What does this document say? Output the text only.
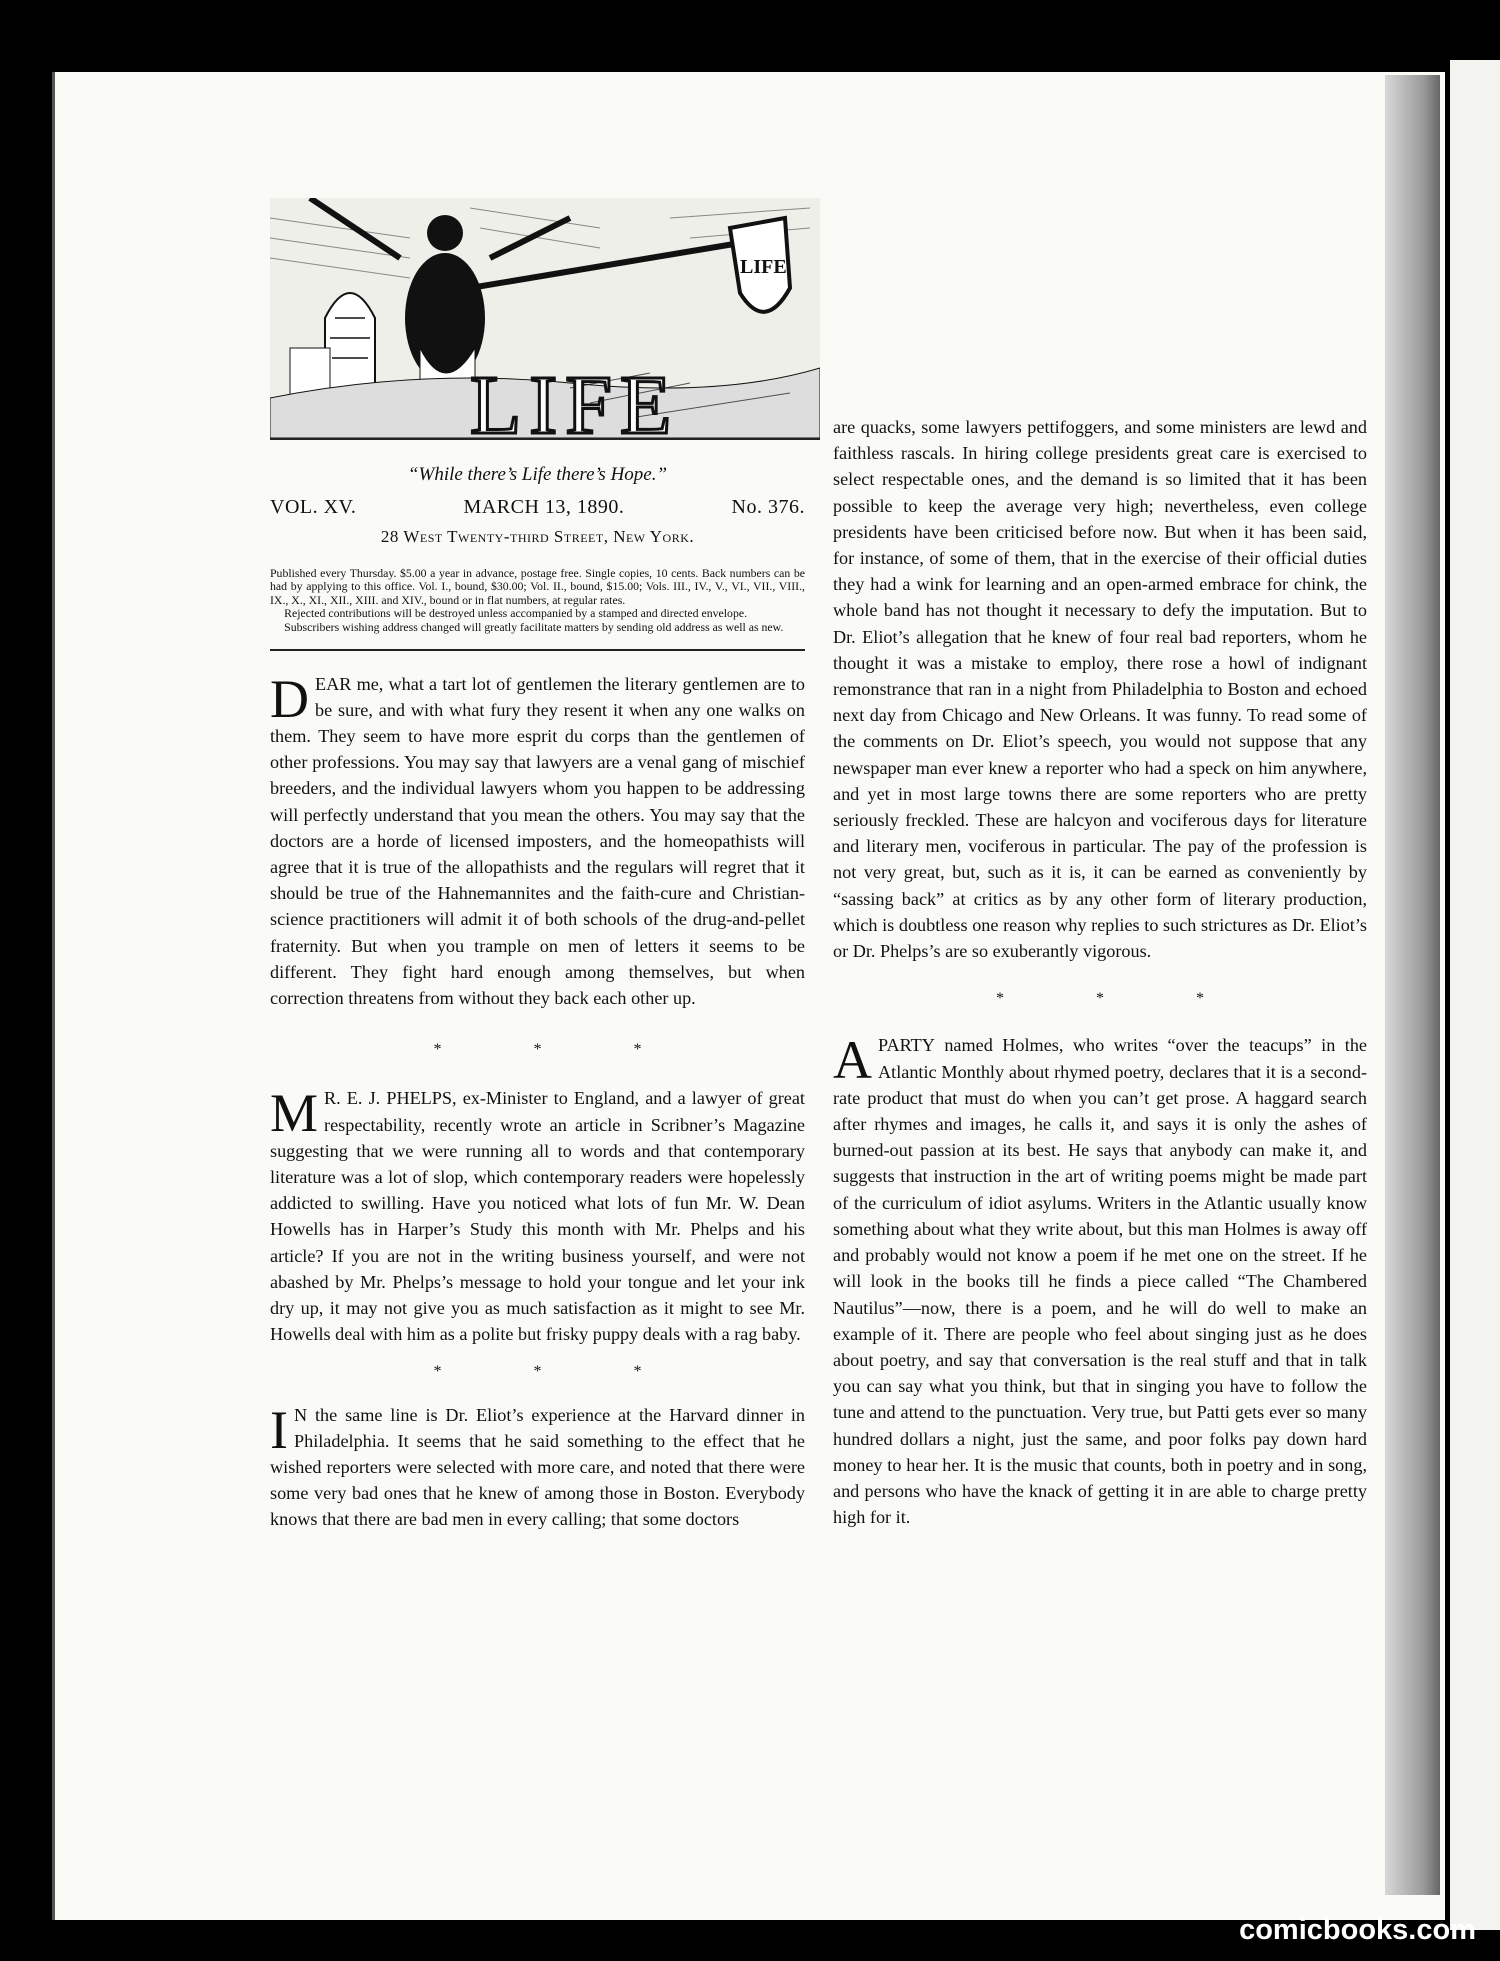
LIFE
LIFE
“While there’s Life there’s Hope.”
VOL. XV.	MARCH 13, 1890.	No. 376.
28 West Twenty-third Street, New York.

Published every Thursday. $5.00 a year in advance, postage free. Single copies, 10 cents. Back numbers can be had by applying to this office. Vol. I., bound, $30.00; Vol. II., bound, $15.00; Vols. III., IV., V., VI., VII., VIII., IX., X., XI., XII., XIII. and XIV., bound or in flat numbers, at regular rates.

Rejected contributions will be destroyed unless accompanied by a stamped and directed envelope.

Subscribers wishing address changed will greatly facilitate matters by sending old address as well as new.

DEAR me, what a tart lot of gentlemen the literary gentlemen are to be sure, and with what fury they resent it when any one walks on them. They seem to have more esprit du corps than the gentlemen of other professions. You may say that lawyers are a venal gang of mischief breeders, and the individual lawyers whom you happen to be addressing will perfectly understand that you mean the others. You may say that the doctors are a horde of licensed imposters, and the homeopathists will agree that it is true of the allopathists and the regulars will regret that it should be true of the Hahnemannites and the faith-cure and Christian-science practitioners will admit it of both schools of the drug-and-pellet fraternity. But when you trample on men of letters it seems to be different. They fight hard enough among themselves, but when correction threatens from without they back each other up.

* * *

M R. E. J. PHELPS, ex-Minister to England, and a lawyer of great respectability, recently wrote an article in Scribner’s Magazine suggesting that we were running all to words and that contemporary literature was a lot of slop, which contemporary readers were hopelessly addicted to swilling. Have you noticed what lots of fun Mr. W. Dean Howells has in Harper’s Study this month with Mr. Phelps and his article? If you are not in the writing business yourself, and were not abashed by Mr. Phelps’s message to hold your tongue and let your ink dry up, it may not give you as much satisfaction as it might to see Mr. Howells deal with him as a polite but frisky puppy deals with a rag baby.

* * *

I N the same line is Dr. Eliot’s experience at the Harvard dinner in Philadelphia. It seems that he said something to the effect that he wished reporters were selected with more care, and noted that there were some very bad ones that he knew of among those in Boston. Everybody knows that there are bad men in every calling; that some doctors

are quacks, some lawyers pettifoggers, and some ministers are lewd and faithless rascals. In hiring college presidents great care is exercised to select respectable ones, and the demand is so limited that it has been possible to keep the average very high; nevertheless, even college presidents have been criticised before now. But when it has been said, for instance, of some of them, that in the exercise of their official duties they had a wink for learning and an open-armed embrace for chink, the whole band has not thought it necessary to defy the imputation. But to Dr. Eliot’s allegation that he knew of four real bad reporters, whom he thought it was a mistake to employ, there rose a howl of indignant remonstrance that ran in a night from Philadelphia to Boston and echoed next day from Chicago and New Orleans. It was funny. To read some of the comments on Dr. Eliot’s speech, you would not suppose that any newspaper man ever knew a reporter who had a speck on him anywhere, and yet in most large towns there are some reporters who are pretty seriously freckled. These are halcyon and vociferous days for literature and literary men, vociferous in particular. The pay of the profession is not very great, but, such as it is, it can be earned as conveniently by “sassing back” at critics as by any other form of literary production, which is doubtless one reason why replies to such strictures as Dr. Eliot’s or Dr. Phelps’s are so exuberantly vigorous.

* * *

APARTY named Holmes, who writes “over the teacups” in the Atlantic Monthly about rhymed poetry, declares that it is a second-rate product that must do when you can’t get prose. A haggard search after rhymes and images, he calls it, and says it is only the ashes of burned-out passion at its best. He says that anybody can make it, and suggests that instruction in the art of writing poems might be made part of the curriculum of idiot asylums. Writers in the Atlantic usually know something about what they write about, but this man Holmes is away off and probably would not know a poem if he met one on the street. If he will look in the books till he finds a piece called “The Chambered Nautilus”—now, there is a poem, and he will do well to make an example of it. There are people who feel about singing just as he does about poetry, and say that conversation is the real stuff and that in talk you can say what you think, but that in singing you have to follow the tune and attend to the punctuation. Very true, but Patti gets ever so many hundred dollars a night, just the same, and poor folks pay down hard money to hear her. It is the music that counts, both in poetry and in song, and persons who have the knack of getting it in are able to charge pretty high for it.

comicbooks.com
